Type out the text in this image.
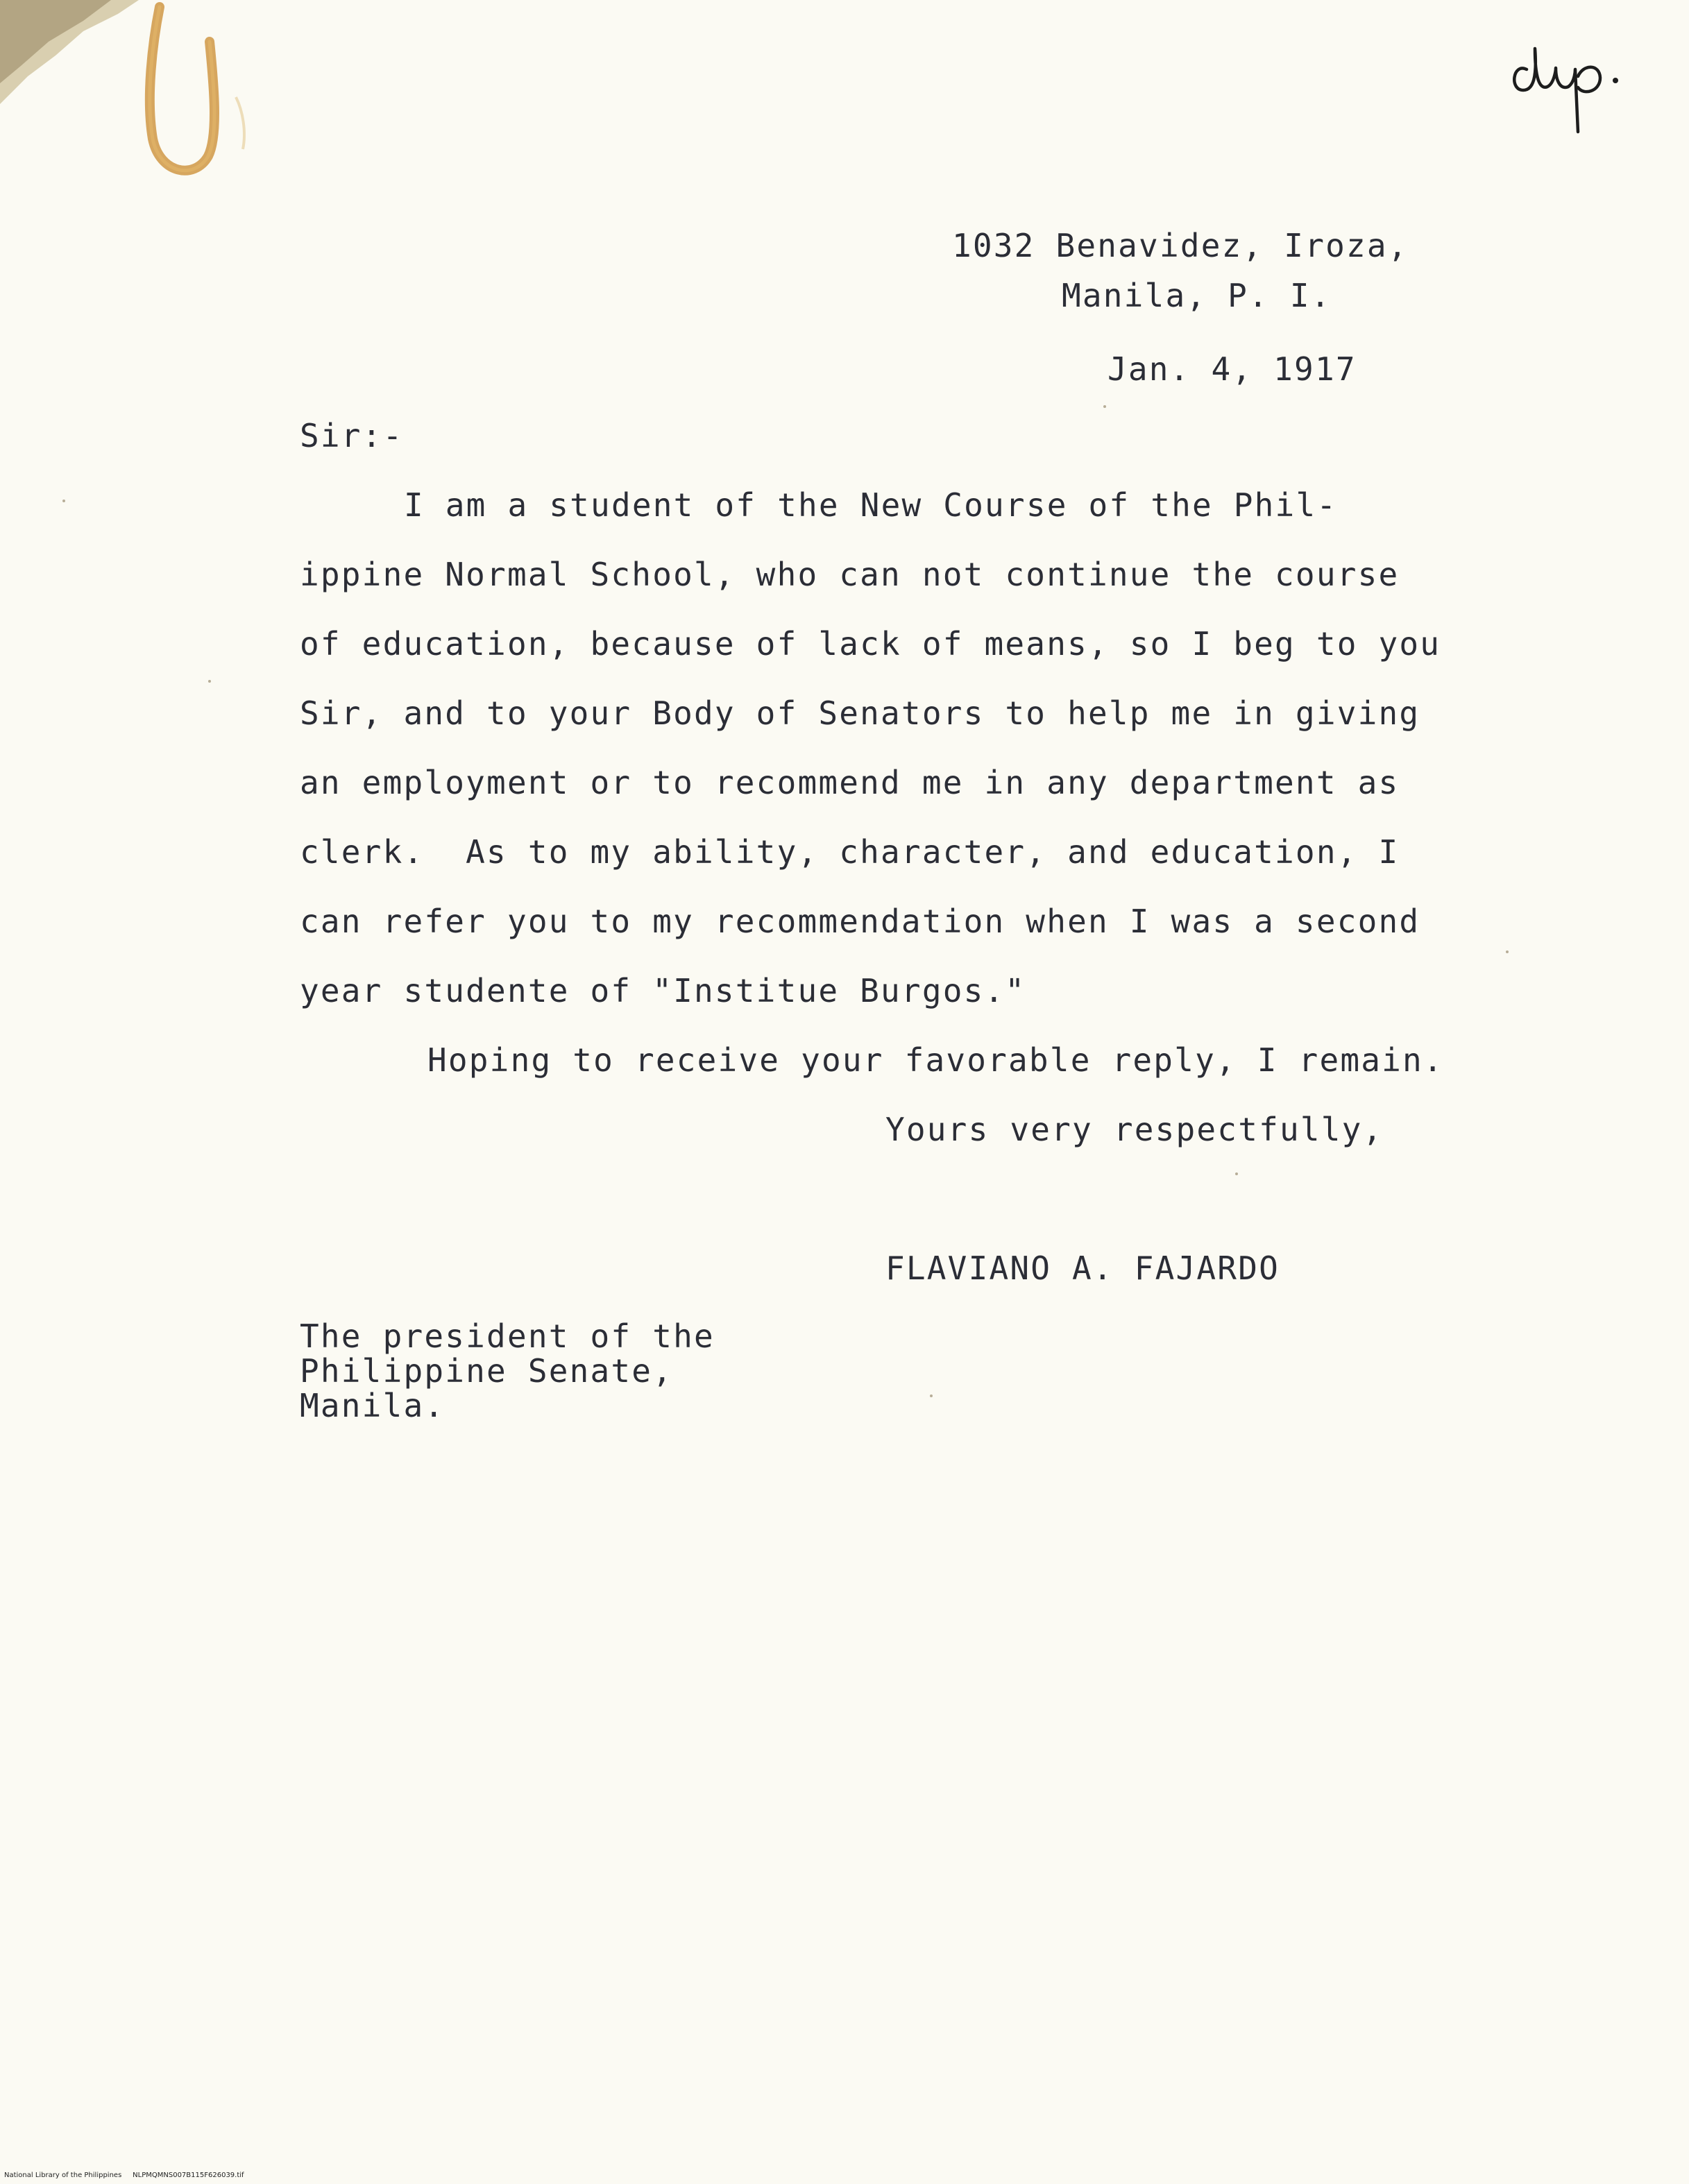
1032 Benavidez, Iroza,
Manila, P. I.
Jan. 4, 1917
Sir:-
I am a student of the New Course of the Phil-
ippine Normal School, who can not continue the course
of education, because of lack of means, so I beg to you
Sir, and to your Body of Senators to help me in giving
an employment or to recommend me in any department as
clerk.  As to my ability, character, and education, I
can refer you to my recommendation when I was a second
year studente of "Institue Burgos."
Hoping to receive your favorable reply, I remain.
Yours very respectfully,
FLAVIANO A. FAJARDO
The president of the
Philippine Senate,
Manila.
National Library of the Philippines     NLPMQMNS007B115F626039.tif
